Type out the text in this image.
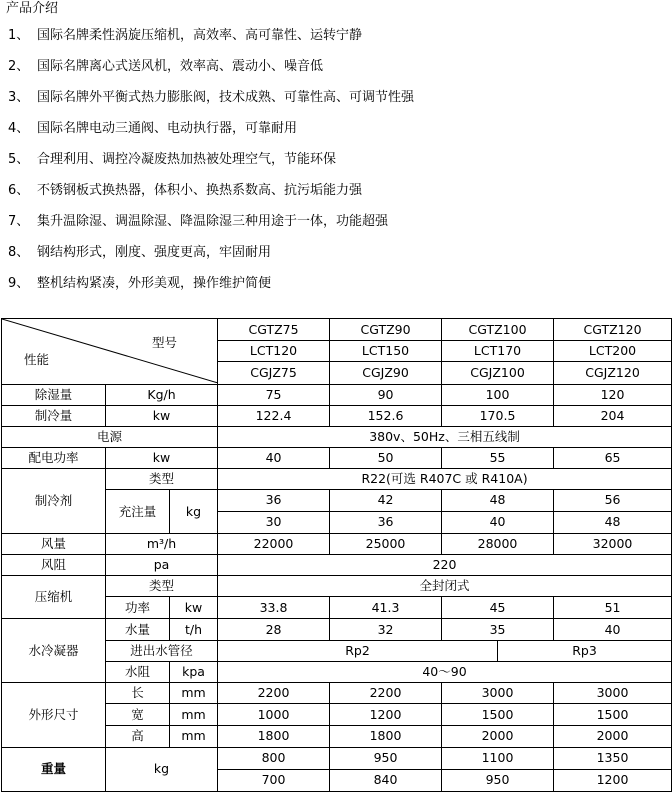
产品介绍
1、 国际名牌柔性涡旋压缩机，高效率、高可靠性、运转宁静
2、 国际名牌离心式送风机，效率高、震动小、噪音低
3、 国际名牌外平衡式热力膨胀阀，技术成熟、可靠性高、可调节性强
4、 国际名牌电动三通阀、电动执行器，可靠耐用
5、 合理利用、调控冷凝废热加热被处理空气，节能环保
6、 不锈钢板式换热器，体积小、换热系数高、抗污垢能力强
7、 集升温除湿、调温除湿、降温除湿三种用途于一体，功能超强
8、 钢结构形式，刚度、强度更高，牢固耐用
9、 整机结构紧凑，外形美观，操作维护简便
型号
性能			CGTZ75	CGTZ90	CGTZ100		CGTZ120
			LCT120	LCT150	LCT170		LCT200
			CGJZ75	CGJZ90	CGJZ100		CGJZ120
除湿量	Kg/h		75	90	100		120
制冷量	kw		122.4	152.6	170.5		204
电源			380v、50Hz、三相五线制				
配电功率	kw		40	50	55		65
制冷剂	类型		R22(可选 R407C 或 R410A)				
	充注量	kg	36	42	48		56
			30	36	40		48
风量	m³/h		22000	25000	28000		32000
风阻	pa		220				
压缩机	类型		全封闭式				
	功率	kw	33.8	41.3	45		51
水冷凝器	水量	t/h	28	32	35		40
	进出水管径		Rp2			Rp3	
	水阻	kpa	40～90				
外形尺寸	长	mm	2200	2200	3000		3000
	宽	mm	1000	1200	1500		1500
	高	mm	1800	1800	2000		2000
重量	kg		800	950	1100		1350
			700	840	950		1200
